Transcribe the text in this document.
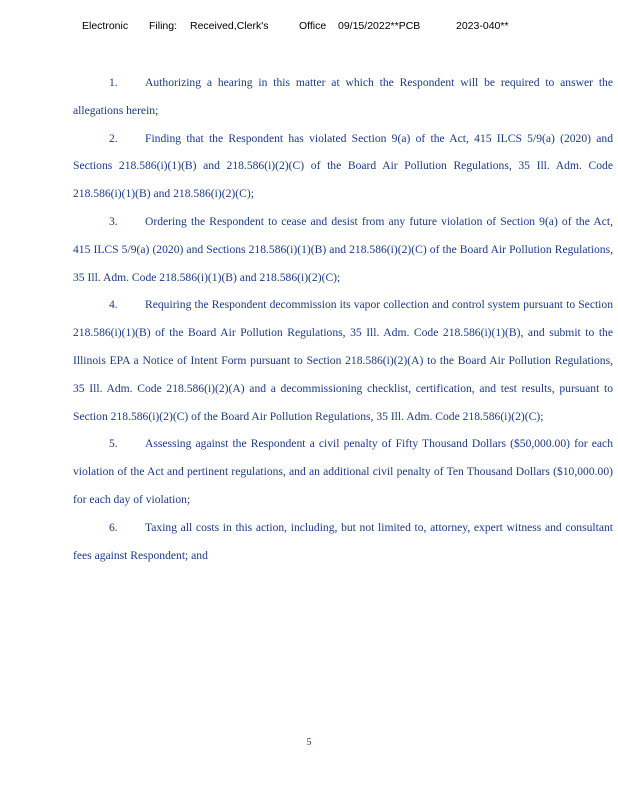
Electronic Filing: Received,Clerk's	Office 09/15/2022**PCB	2023-040**

1. Authorizing a hearing in this matter at which the Respondent will be required to answer the allegations herein;

2. Finding that the Respondent has violated Section 9(a) of the Act, 415 ILCS 5/9(a) (2020) and Sections 218.586(i)(1)(B) and 218.586(i)(2)(C) of the Board Air Pollution Regulations, 35 Ill. Adm. Code 218.586(i)(1)(B) and 218.586(i)(2)(C);

3. Ordering the Respondent to cease and desist from any future violation of Section 9(a) of the Act, 415 ILCS 5/9(a) (2020) and Sections 218.586(i)(1)(B) and 218.586(i)(2)(C) of the Board Air Pollution Regulations, 35 Ill. Adm. Code 218.586(i)(1)(B) and 218.586(i)(2)(C);

4. Requiring the Respondent decommission its vapor collection and control system pursuant to Section 218.586(i)(1)(B) of the Board Air Pollution Regulations, 35 Ill. Adm. Code 218.586(i)(1)(B), and submit to the Illinois EPA a Notice of Intent Form pursuant to Section 218.586(i)(2)(A) to the Board Air Pollution Regulations, 35 Ill. Adm. Code 218.586(i)(2)(A) and a decommissioning checklist, certification, and test results, pursuant to Section 218.586(i)(2)(C) of the Board Air Pollution Regulations, 35 Ill. Adm. Code 218.586(i)(2)(C);

5. Assessing against the Respondent a civil penalty of Fifty Thousand Dollars ($50,000.00) for each violation of the Act and pertinent regulations, and an additional civil penalty of Ten Thousand Dollars ($10,000.00) for each day of violation;

6. Taxing all costs in this action, including, but not limited to, attorney, expert witness and consultant fees against Respondent; and

5
